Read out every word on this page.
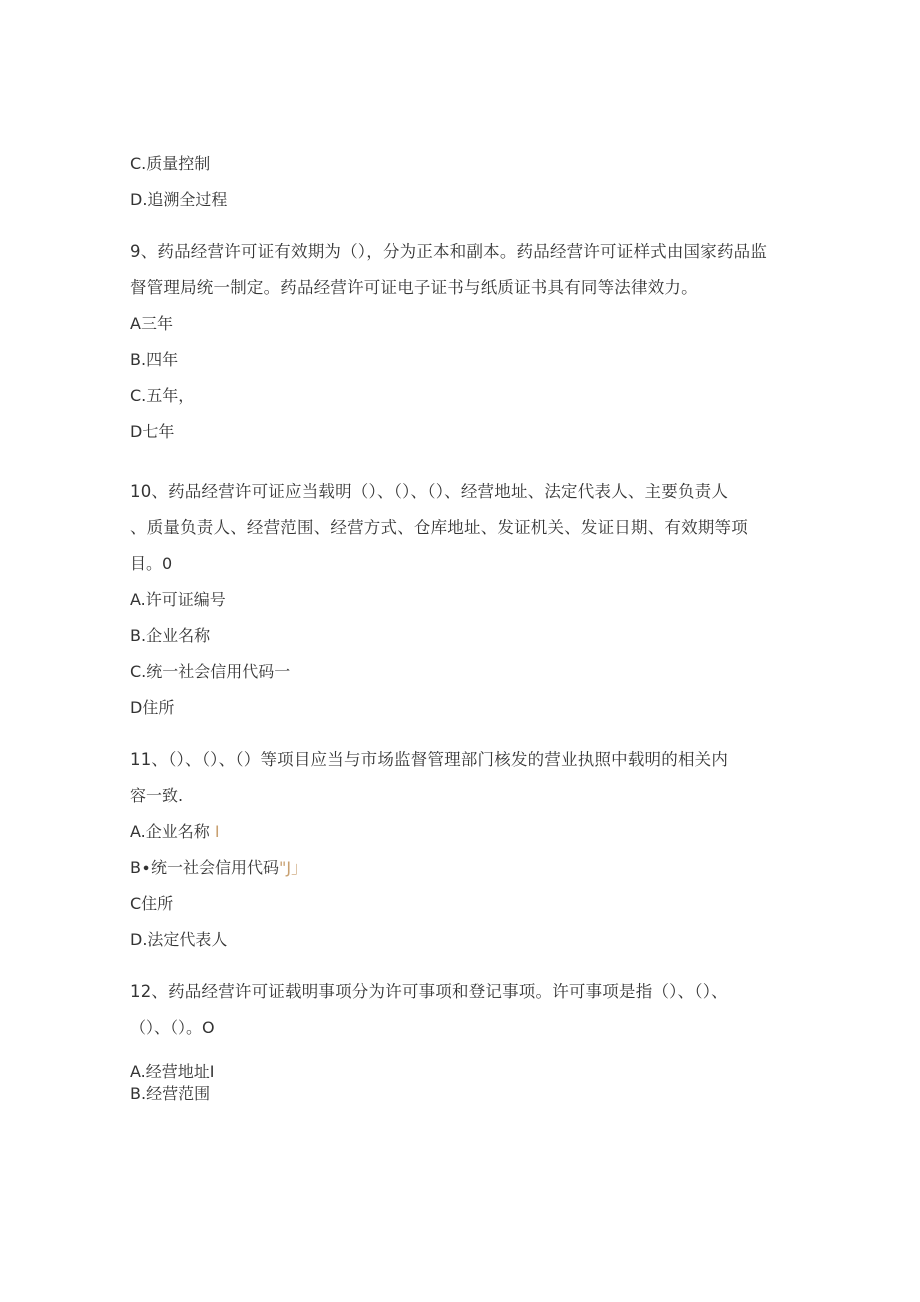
C.质量控制
D.追溯全过程
9、药品经营许可证有效期为（），分为正本和副本。药品经营许可证样式由国家药品监
督管理局统一制定。药品经营许可证电子证书与纸质证书具有同等法律效力。
A三年
B.四年
C.五年，
D七年
10、药品经营许可证应当载明（）、（）、（）、经营地址、法定代表人、主要负责人
、质量负责人、经营范围、经营方式、仓库地址、发证机关、发证日期、有效期等项
目。0
A.许可证编号
B.企业名称
C.统一社会信用代码一
D住所
11、（）、（）、（）等项目应当与市场监督管理部门核发的营业执照中载明的相关内
容一致.
A.企业名称 I
B∙统一社会信用代码"J」
C住所
D.法定代表人
12、药品经营许可证载明事项分为许可事项和登记事项。许可事项是指（）、（）、
（）、（）。O
A.经营地址I
B.经营范围
